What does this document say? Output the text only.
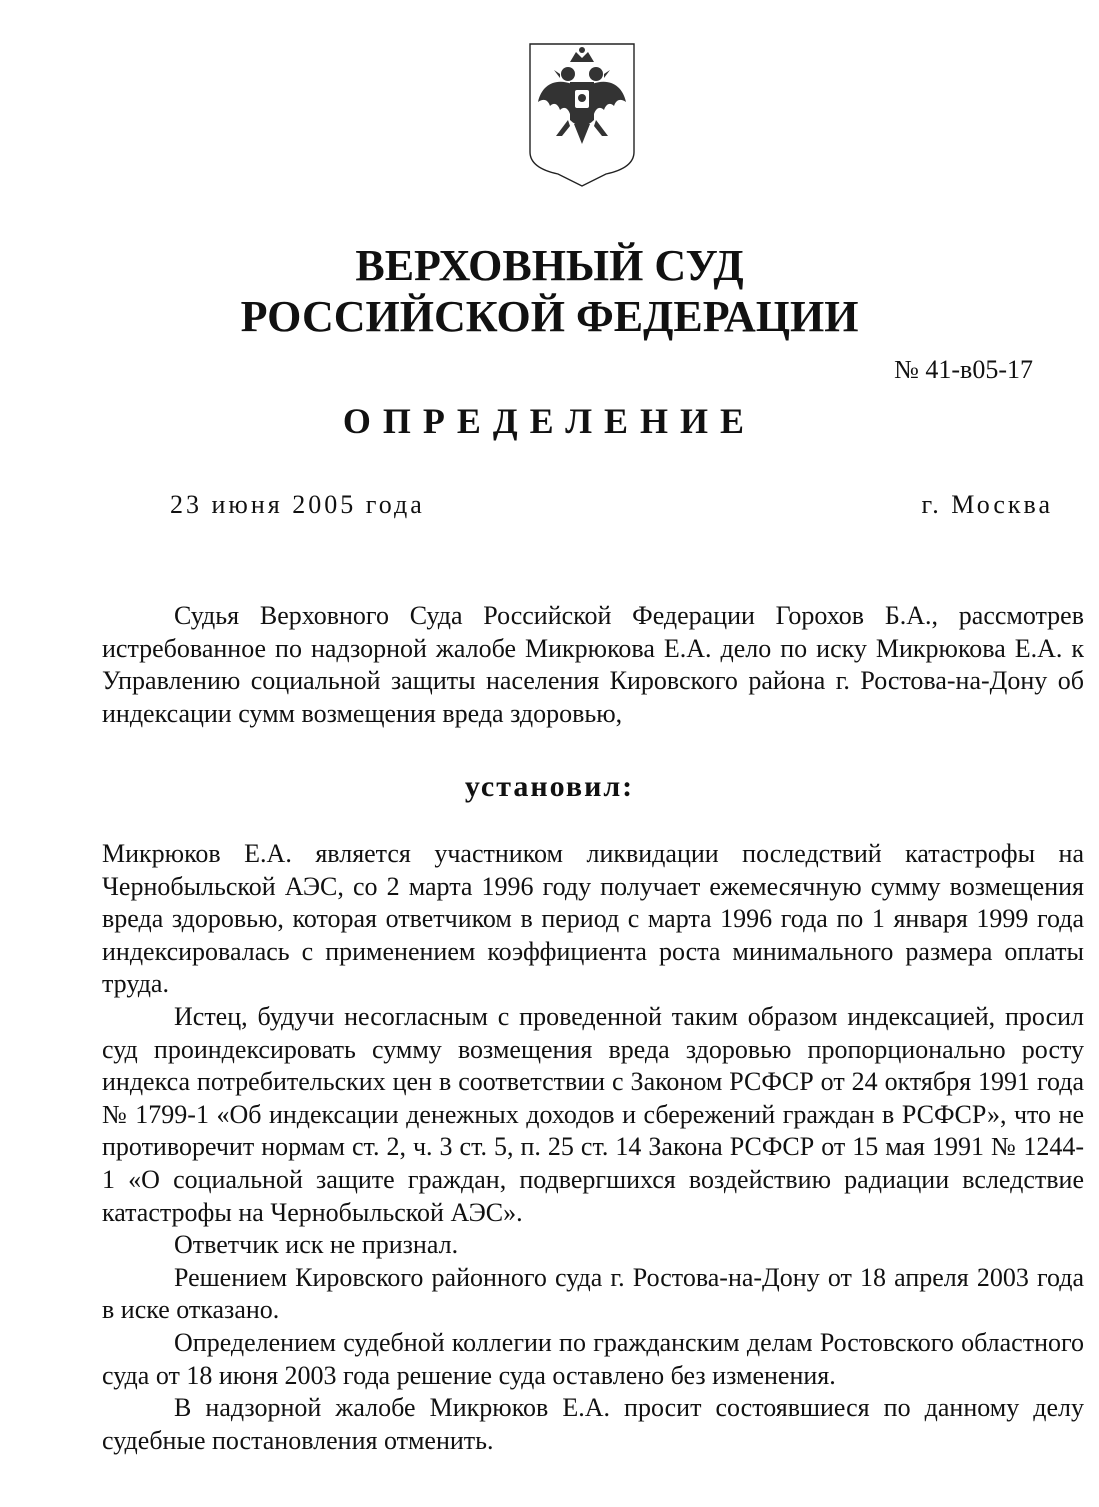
ВЕРХОВНЫЙ СУД
РОССИЙСКОЙ ФЕДЕРАЦИИ
№ 41-в05-17
ОПРЕДЕЛЕНИЕ
23 июня 2005 года	г. Москва

Судья Верховного Суда Российской Федерации Горохов Б.А., рассмотрев истребованное по надзорной жалобе Микрюкова Е.А. дело по иску Микрюкова Е.А. к Управлению социальной защиты населения Кировского района г. Ростова-на-Дону об индексации сумм возмещения вреда здоровью,

установил:

Микрюков Е.А. является участником ликвидации последствий катастрофы на Чернобыльской АЭС, со 2 марта 1996 году получает ежемесячную сумму возмещения вреда здоровью, которая ответчиком в период с марта 1996 года по 1 января 1999 года индексировалась с применением коэффициента роста минимального размера оплаты труда.

Истец, будучи несогласным с проведенной таким образом индексацией, просил суд проиндексировать сумму возмещения вреда здоровью пропорционально росту индекса потребительских цен в соответствии с Законом РСФСР от 24 октября 1991 года № 1799-1 «Об индексации денежных доходов и сбережений граждан в РСФСР», что не противоречит нормам ст. 2, ч. 3 ст. 5, п. 25 ст. 14 Закона РСФСР от 15 мая 1991 № 1244-1 «О социальной защите граждан, подвергшихся воздействию радиации вследствие катастрофы на Чернобыльской АЭС».

Ответчик иск не признал.

Решением Кировского районного суда г. Ростова-на-Дону от 18 апреля 2003 года в иске отказано.

Определением судебной коллегии по гражданским делам Ростовского областного суда от 18 июня 2003 года решение суда оставлено без изменения.

В надзорной жалобе Микрюков Е.А. просит состоявшиеся по данному делу судебные постановления отменить.
